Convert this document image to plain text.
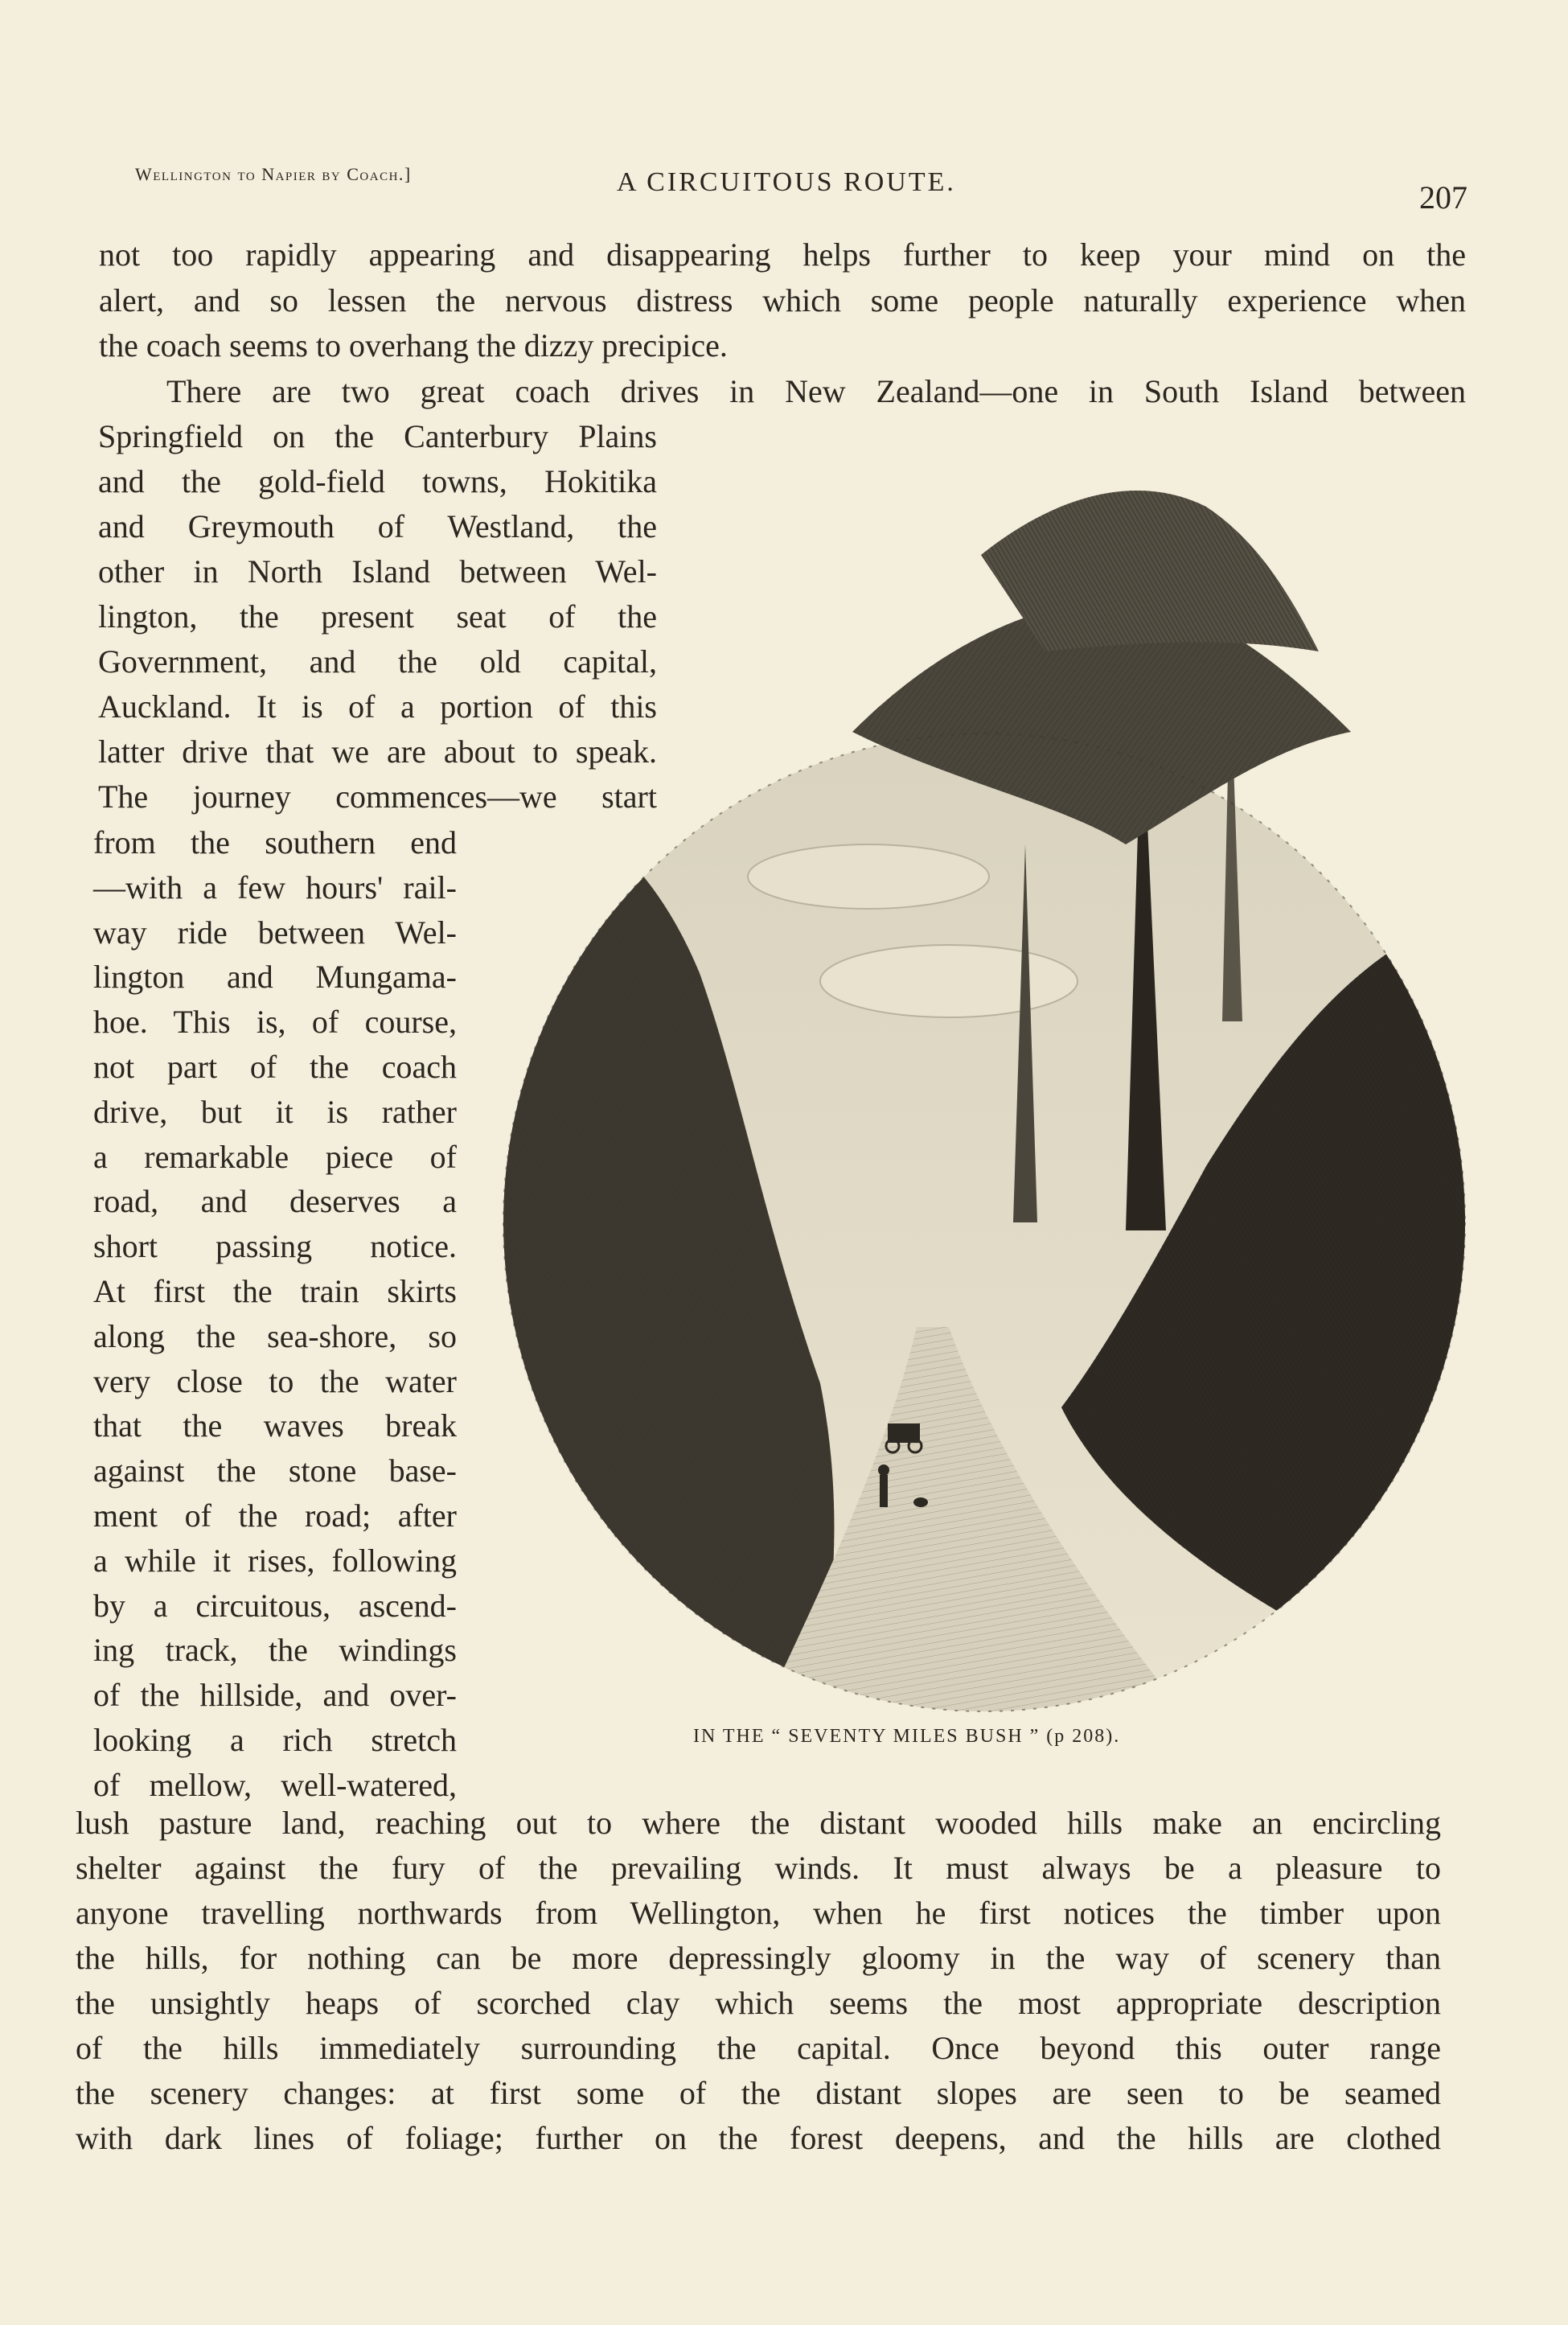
Wellington to Napier by Coach.]	A CIRCUITOUS ROUTE.	207
not too rapidly appearing and disappearing helps further to keep your mind on the
alert, and so lessen the nervous distress which some people naturally experience when
the coach seems to overhang the dizzy precipice.
There are two great coach drives in New Zealand—one in South Island between
Springfield on the Canterbury Plains
and the gold-field towns, Hokitika
and Greymouth of Westland, the
other in North Island between Wel-
lington, the present seat of the
Government, and the old capital,
Auckland. It is of a portion of this
latter drive that we are about to speak.
The journey commences—we start
from the southern end
—with a few hours' rail-
way ride between Wel-
lington and Mungama-
hoe. This is, of course,
not part of the coach
drive, but it is rather
a remarkable piece of
road, and deserves a
short passing notice.
At first the train skirts
along the sea-shore, so
very close to the water
that the waves break
against the stone base-
ment of the road; after
a while it rises, following
by a circuitous, ascend-
ing track, the windings
of the hillside, and over-
looking a rich stretch
of mellow, well-watered,
lush pasture land, reaching out to where the distant wooded hills make an encircling
shelter against the fury of the prevailing winds. It must always be a pleasure to
anyone travelling northwards from Wellington, when he first notices the timber upon
the hills, for nothing can be more depressingly gloomy in the way of scenery than
the unsightly heaps of scorched clay which seems the most appropriate description
of the hills immediately surrounding the capital. Once beyond this outer range
the scenery changes: at first some of the distant slopes are seen to be seamed
with dark lines of foliage; further on the forest deepens, and the hills are clothed
IN THE “ SEVENTY MILES BUSH ” (p 208).
